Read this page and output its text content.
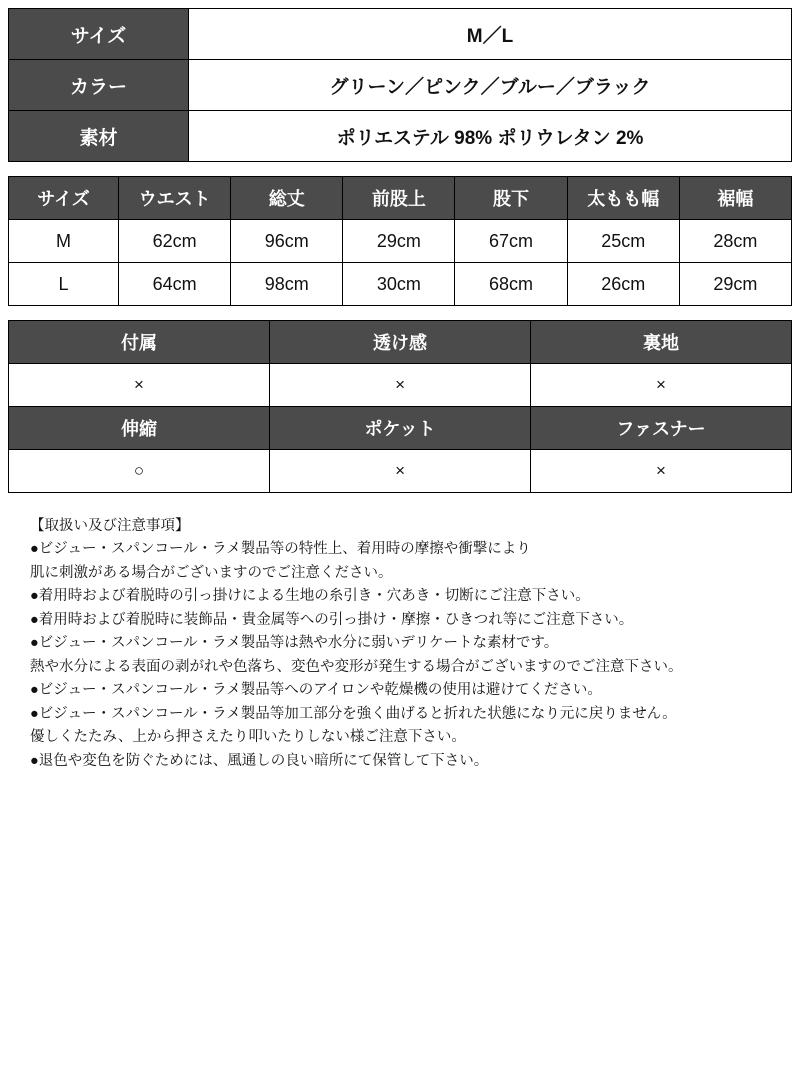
サイズ	M／L
カラー	グリーン／ピンク／ブルー／ブラック
素材	ポリエステル 98% ポリウレタン 2%
サイズ	ウエスト	総丈	前股上	股下	太もも幅	裾幅
M	62cm	96cm	29cm	67cm	25cm	28cm
L	64cm	98cm	30cm	68cm	26cm	29cm
付属	透け感	裏地
×	×	×
伸縮	ポケット	ファスナー
○	×	×
【取扱い及び注意事項】
●ビジュー・スパンコール・ラメ製品等の特性上、着用時の摩擦や衝撃により
肌に刺激がある場合がございますのでご注意ください。
●着用時および着脱時の引っ掛けによる生地の糸引き・穴あき・切断にご注意下さい。
●着用時および着脱時に装飾品・貴金属等への引っ掛け・摩擦・ひきつれ等にご注意下さい。
●ビジュー・スパンコール・ラメ製品等は熱や水分に弱いデリケートな素材です。
熱や水分による表面の剥がれや色落ち、変色や変形が発生する場合がございますのでご注意下さい。
●ビジュー・スパンコール・ラメ製品等へのアイロンや乾燥機の使用は避けてください。
●ビジュー・スパンコール・ラメ製品等加工部分を強く曲げると折れた状態になり元に戻りません。
優しくたたみ、上から押さえたり叩いたりしない様ご注意下さい。
●退色や変色を防ぐためには、風通しの良い暗所にて保管して下さい。
